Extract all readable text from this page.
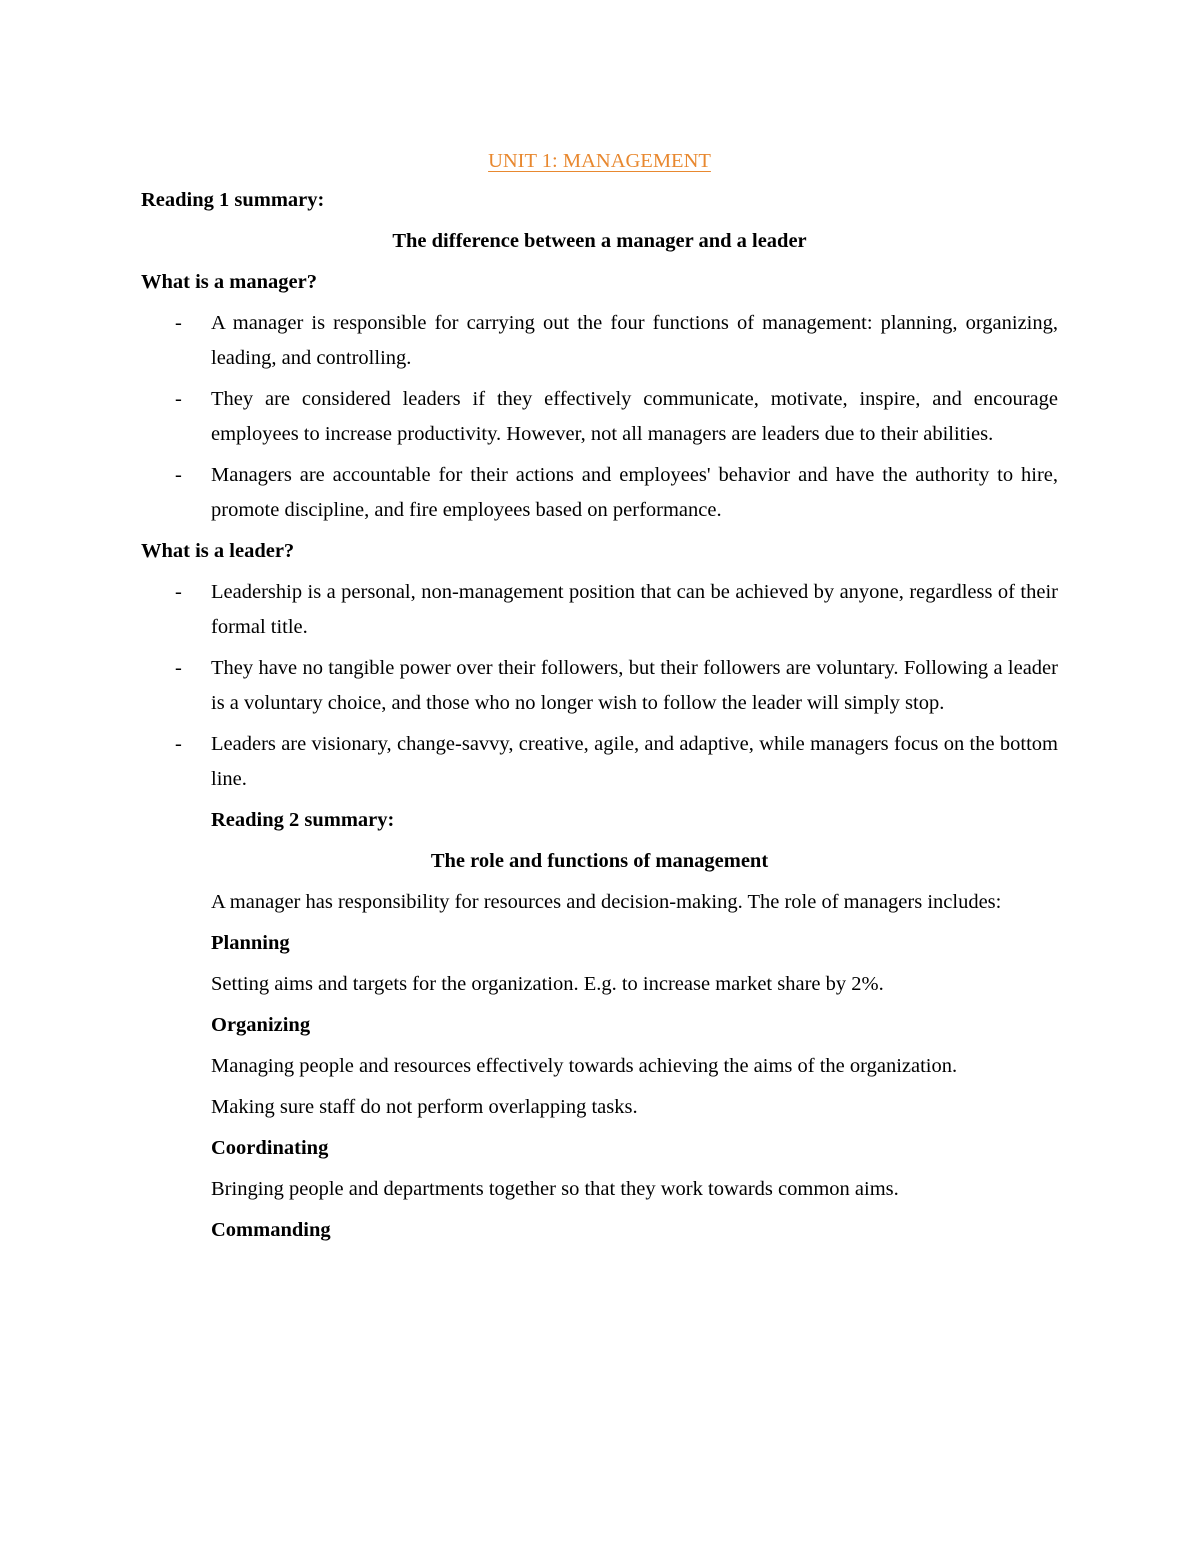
UNIT 1: MANAGEMENT
Reading 1 summary:
The difference between a manager and a leader
What is a manager?
- A manager is responsible for carrying out the four functions of management: planning, organizing, leading, and controlling.
- They are considered leaders if they effectively communicate, motivate, inspire, and encourage employees to increase productivity. However, not all managers are leaders due to their abilities.
- Managers are accountable for their actions and employees' behavior and have the authority to hire, promote discipline, and fire employees based on performance.
What is a leader?
- Leadership is a personal, non-management position that can be achieved by anyone, regardless of their formal title.
- They have no tangible power over their followers, but their followers are voluntary. Following a leader is a voluntary choice, and those who no longer wish to follow the leader will simply stop.
- Leaders are visionary, change-savvy, creative, agile, and adaptive, while managers focus on the bottom line.
Reading 2 summary:
The role and functions of management
A manager has responsibility for resources and decision-making. The role of managers includes:
Planning
Setting aims and targets for the organization. E.g. to increase market share by 2%.
Organizing
Managing people and resources effectively towards achieving the aims of the organization.
Making sure staff do not perform overlapping tasks.
Coordinating
Bringing people and departments together so that they work towards common aims.
Commanding
